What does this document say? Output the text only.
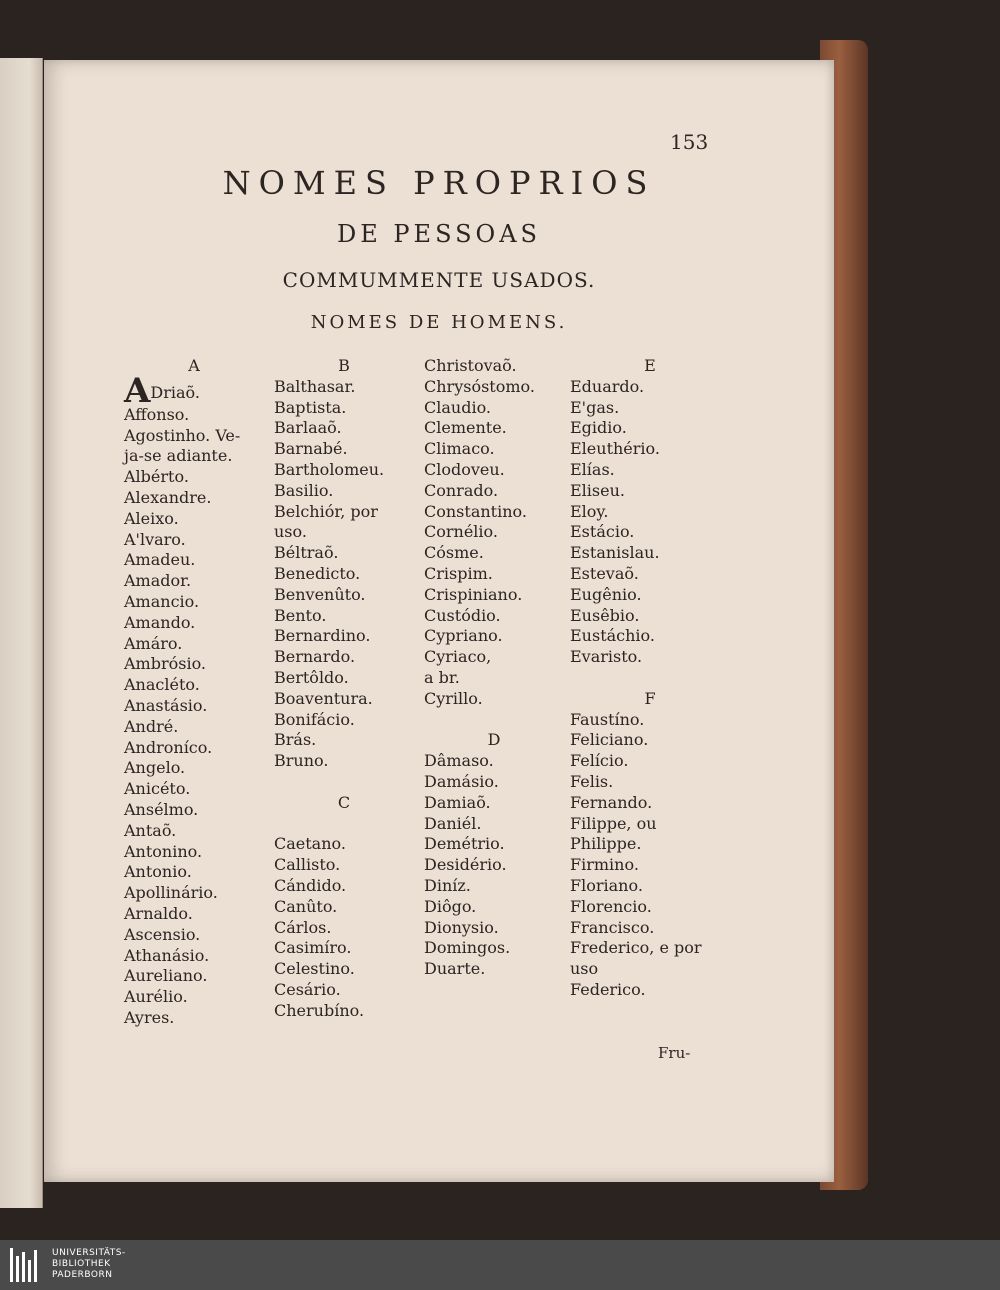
153
NOMES PROPRIOS
DE PESSOAS
COMMUMMENTE USADOS.
NOMES DE HOMENS.
A
ADriaõ.
Affonso.
Agostinho. Ve-
ja-se adiante.
Albérto.
Alexandre.
Aleixo.
A'lvaro.
Amadeu.
Amador.
Amancio.
Amando.
Amáro.
Ambrósio.
Anacléto.
Anastásio.
André.
Androníco.
Angelo.
Anicéto.
Ansélmo.
Antaõ.
Antonino.
Antonio.
Apollinário.
Arnaldo.
Ascensio.
Athanásio.
Aureliano.
Aurélio.
Ayres.
B
Balthasar.
Baptista.
Barlaaõ.
Barnabé.
Bartholomeu.
Basilio.
Belchiór, por
uso.
Béltraõ.
Benedicto.
Benvenûto.
Bento.
Bernardino.
Bernardo.
Bertôldo.
Boaventura.
Bonifácio.
Brás.
Bruno.

C

Caetano.
Callisto.
Cándido.
Canûto.
Cárlos.
Casimíro.
Celestino.
Cesário.
Cherubíno.
Christovaõ.
Chrysóstomo.
Claudio.
Clemente.
Climaco.
Clodoveu.
Conrado.
Constantino.
Cornélio.
Cósme.
Crispim.
Crispiniano.
Custódio.
Cypriano.
Cyriaco,
a br.
Cyrillo.

D
Dâmaso.
Damásio.
Damiaõ.
Daniél.
Demétrio.
Desidério.
Diníz.
Diôgo.
Dionysio.
Domingos.
Duarte.
E
Eduardo.
E'gas.
Egidio.
Eleuthério.
Elías.
Eliseu.
Eloy.
Estácio.
Estanislau.
Estevaõ.
Eugênio.
Eusêbio.
Eustáchio.
Evaristo.

F
Faustíno.
Feliciano.
Felício.
Felis.
Fernando.
Filippe, ou
Philippe.
Firmino.
Floriano.
Florencio.
Francisco.
Frederico, e por
uso
Federico.
Fru-
UNIVERSITÄTS-
BIBLIOTHEK
PADERBORN
